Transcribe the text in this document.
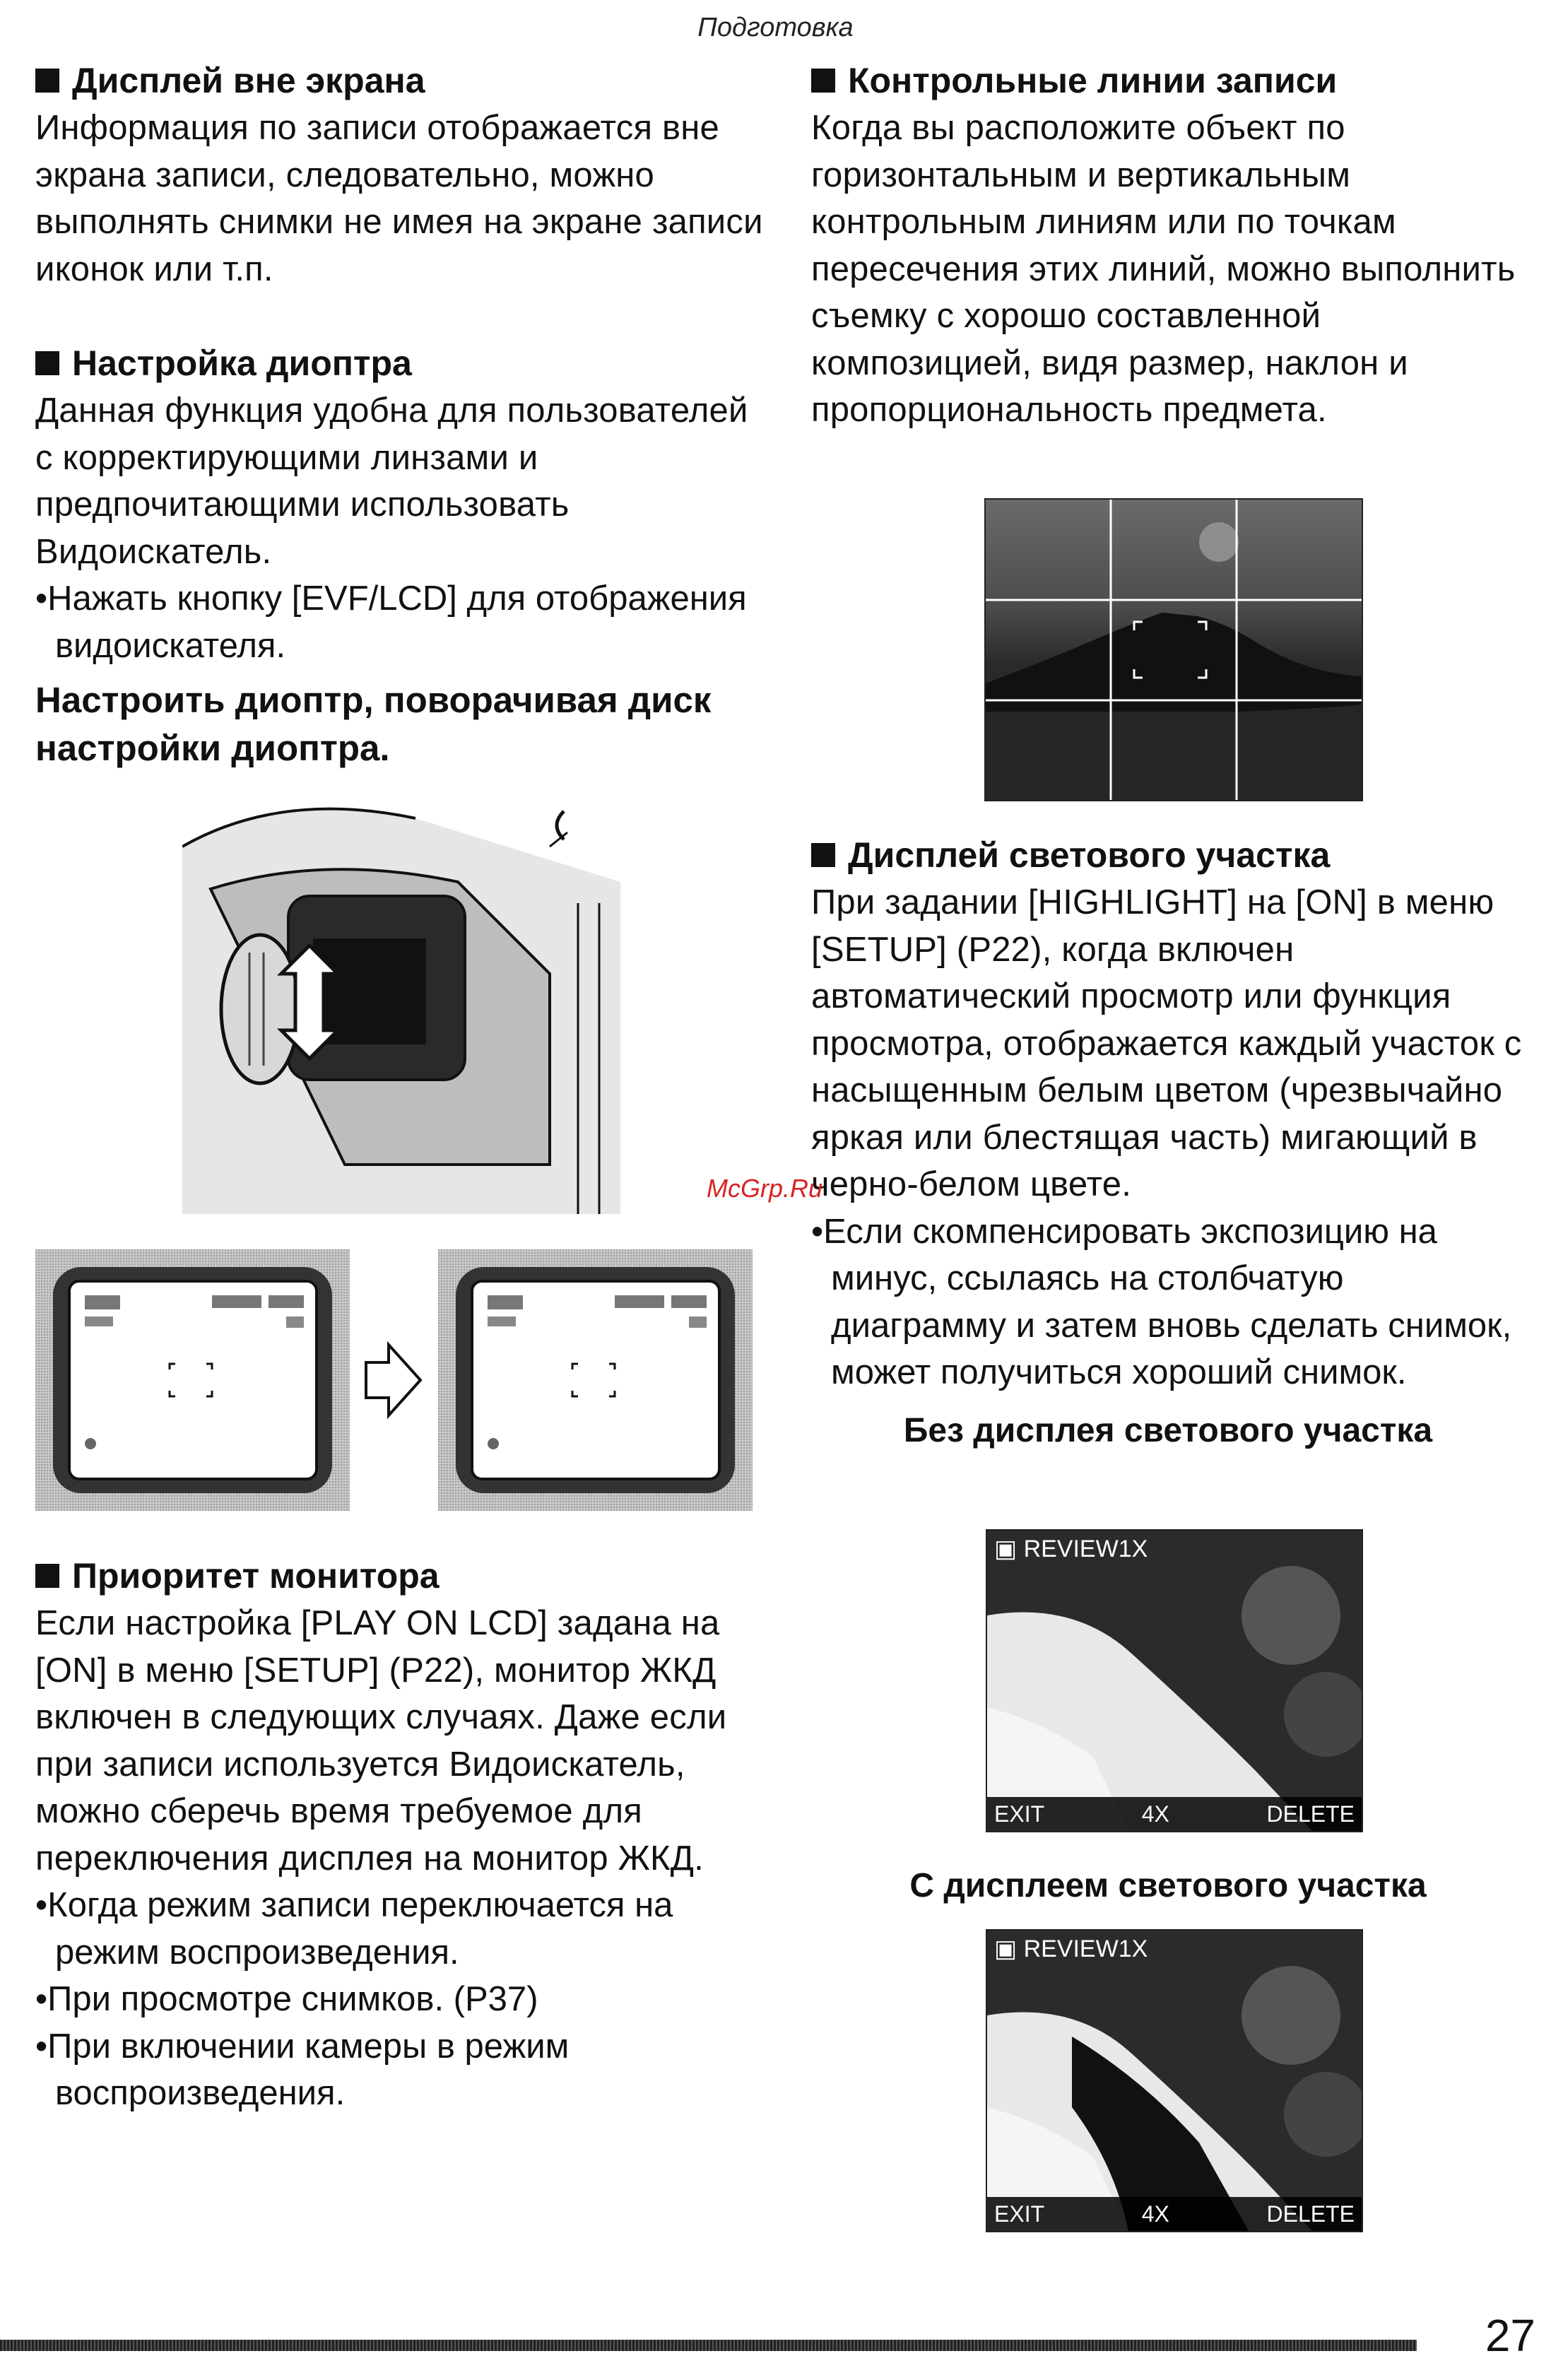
Подготовка

Дисплей вне экрана

Информация по записи отображается вне экрана записи, следовательно, можно выполнять снимки не имея на экране записи иконок или т.п.

Настройка диоптра

Данная функция удобна для пользователей с корректирующими линзами и предпочитающими использовать Видоискатель.

•Нажать кнопку [EVF/LCD] для отображения видоискателя.

Настроить диоптр, поворачивая диск настройки диоптра.

Приоритет монитора

Если настройка [PLAY ON LCD] задана на [ON] в меню [SETUP] (P22), монитор ЖКД включен в следующих случаях. Даже если при записи используется Видоискатель, можно сберечь время требуемое для переключения дисплея на монитор ЖКД.

•Когда режим записи переключается на режим воспроизведения.

•При просмотре снимков. (P37)

•При включении камеры в режим воспроизведения.

Контрольные линии записи

Когда вы расположите объект по горизонтальным и вертикальным контрольным линиям или по точкам пересечения этих линий, можно выполнить съемку с хорошо составленной композицией, видя размер, наклон и пропорциональность предмета.

Дисплей светового участка

При задании [HIGHLIGHT] на [ON] в меню [SETUP] (P22), когда включен автоматический просмотр или функция просмотра, отображается каждый участок с насыщенным белым цветом (чрезвычайно яркая или блестящая часть) мигающий в черно-белом цвете.

•Если скомпенсировать экспозицию на минус, ссылаясь на столбчатую диаграмму и затем вновь сделать снимок, может получиться хороший снимок.

Без дисплея светового участка

▣ REVIEW1X
EXIT	4X	DELETE

С дисплеем светового участка

▣ REVIEW1X
EXIT	4X	DELETE
McGrp.Ru
27
